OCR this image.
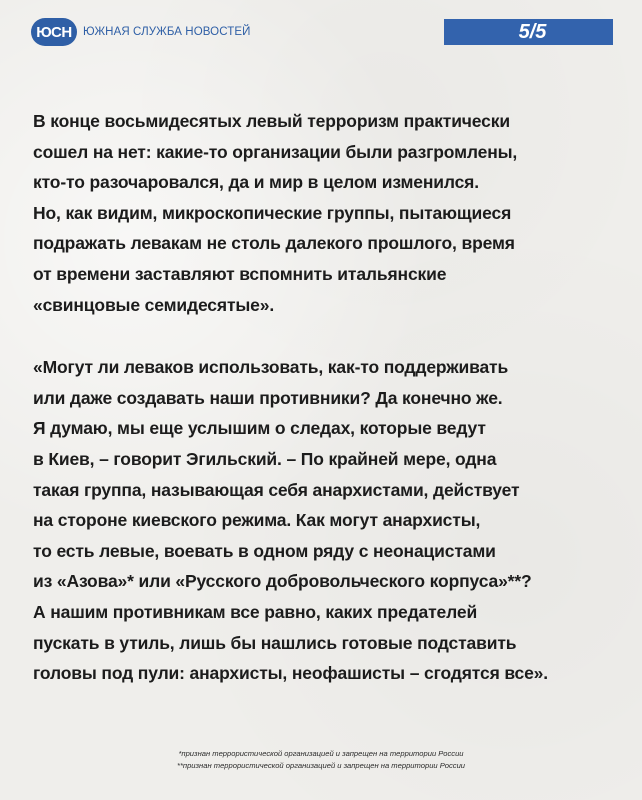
ЮСН ЮЖНАЯ СЛУЖБА НОВОСТЕЙ	5/5

В конце восьмидесятых левый терроризм практически
сошел на нет: какие-то организации были разгромлены,
кто-то разочаровался, да и мир в целом изменился.
Но, как видим, микроскопические группы, пытающиеся
подражать левакам не столь далекого прошлого, время
от времени заставляют вспомнить итальянские
«свинцовые семидесятые».

«Могут ли леваков использовать, как-то поддерживать
или даже создавать наши противники? Да конечно же.
Я думаю, мы еще услышим о следах, которые ведут
в Киев, – говорит Эгильский. – По крайней мере, одна
такая группа, называющая себя анархистами, действует
на стороне киевского режима. Как могут анархисты,
то есть левые, воевать в одном ряду с неонацистами
из «Азова»* или «Русского добровольческого корпуса»**?
А нашим противникам все равно, каких предателей
пускать в утиль, лишь бы нашлись готовые подставить
головы под пули: анархисты, неофашисты – сгодятся все».

*признан террористической организацией и запрещен на территории России
**признан террористической организацией и запрещен на территории России
